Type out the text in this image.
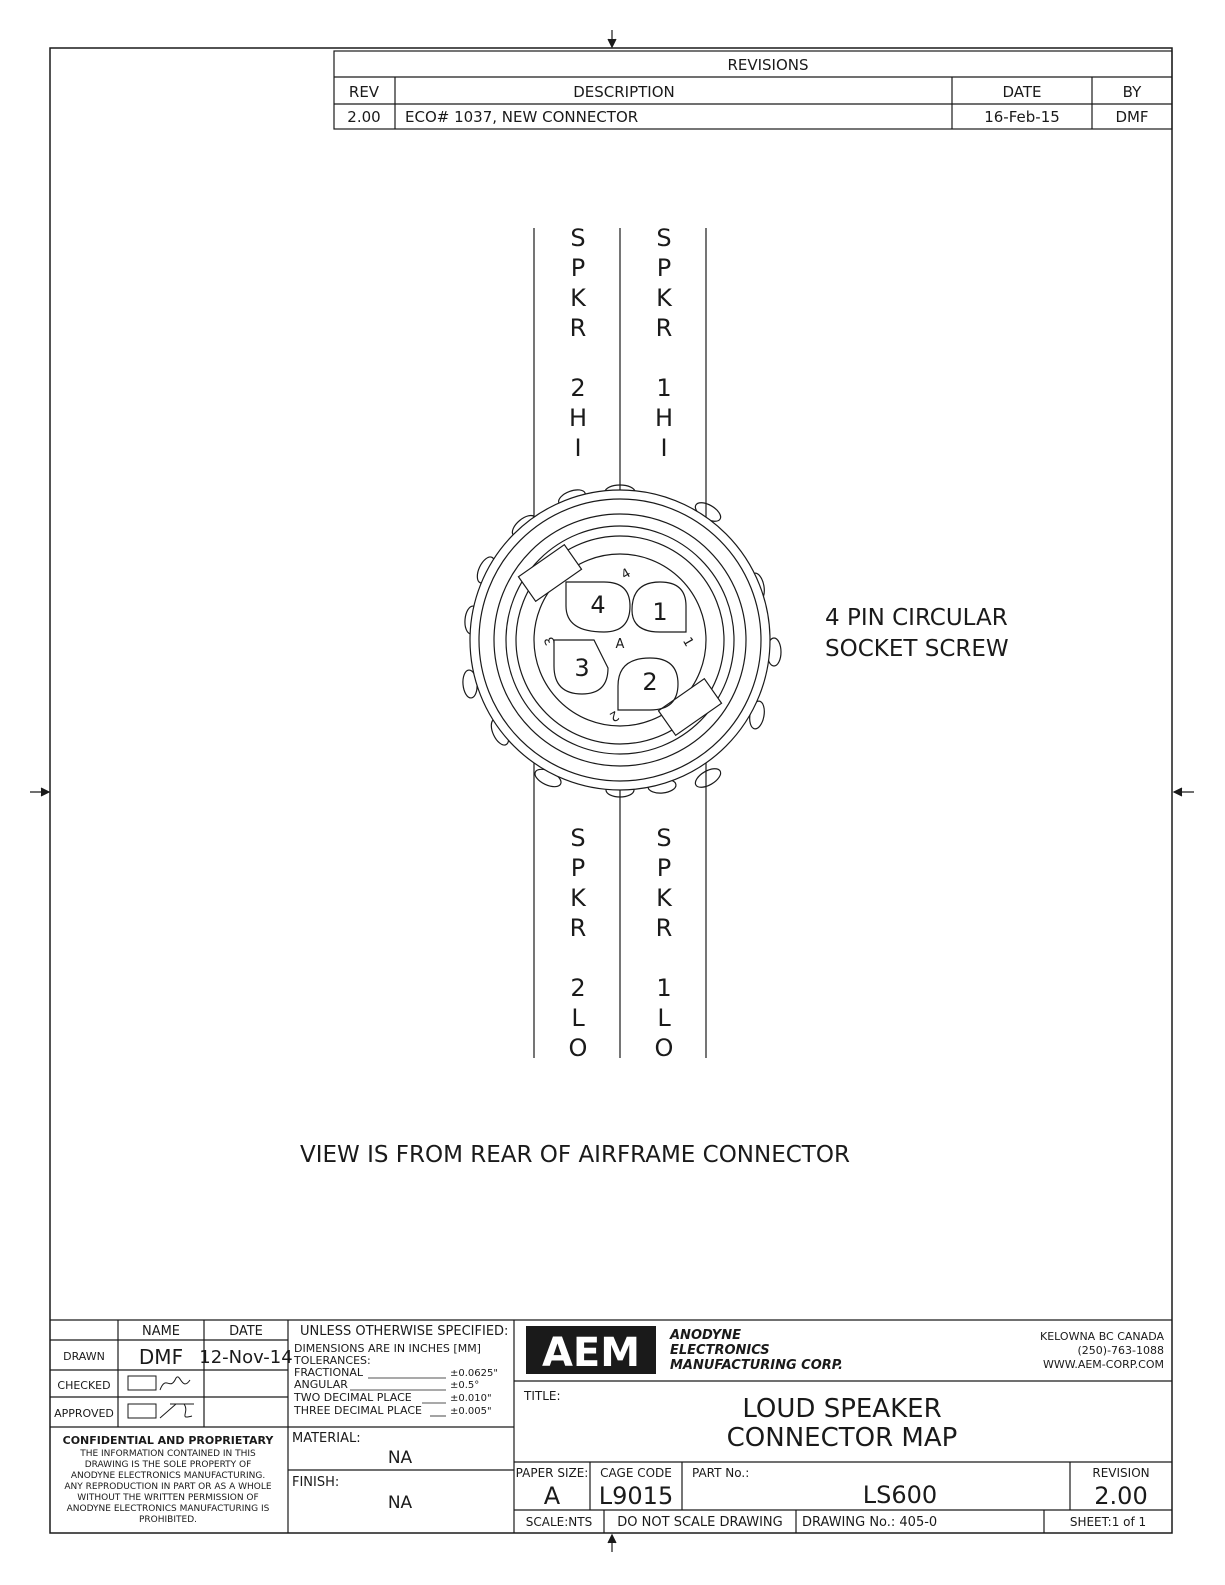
REVISIONS
REV	DESCRIPTION	DATE	BY
2.00 ECO# 1037, NEW CONNECTOR	16-Feb-15	DMF
S
P
K
R
2
H
I
S
P
K
R
1
H
I
S
P
K
R
2
L
O
S
P
K
R
1
L
O
4 1
3 2
A	1
2
3
4
4 PIN CIRCULAR
SOCKET SCREW
VIEW IS FROM REAR OF AIRFRAME CONNECTOR
NAME	DATE
DRAWN DMF 12-Nov-14
CHECKED
APPROVED
CONFIDENTIAL AND PROPRIETARY
THE INFORMATION CONTAINED IN THIS
DRAWING IS THE SOLE PROPERTY OF
ANODYNE ELECTRONICS MANUFACTURING.
ANY REPRODUCTION IN PART OR AS A WHOLE
WITHOUT THE WRITTEN PERMISSION OF
ANODYNE ELECTRONICS MANUFACTURING IS
PROHIBITED.
UNLESS OTHERWISE SPECIFIED:
DIMENSIONS ARE IN INCHES [MM]
TOLERANCES:
FRACTIONAL	±0.0625"
ANGULAR	±0.5°
TWO DECIMAL PLACE	±0.010"
THREE DECIMAL PLACE	±0.005"
MATERIAL:
NA
FINISH:
NA
AEM ANODYNE
ELECTRONICS
MANUFACTURING CORP.
KELOWNA BC CANADA
(250)-763-1088
WWW.AEM-CORP.COM
TITLE:	LOUD SPEAKER
CONNECTOR MAP
PAPER SIZE:
A
CAGE CODE
L9015
PART No.:
LS600
REVISION
2.00
SCALE:NTS DO NOT SCALE DRAWING DRAWING No.: 405-0	SHEET:1 of 1
